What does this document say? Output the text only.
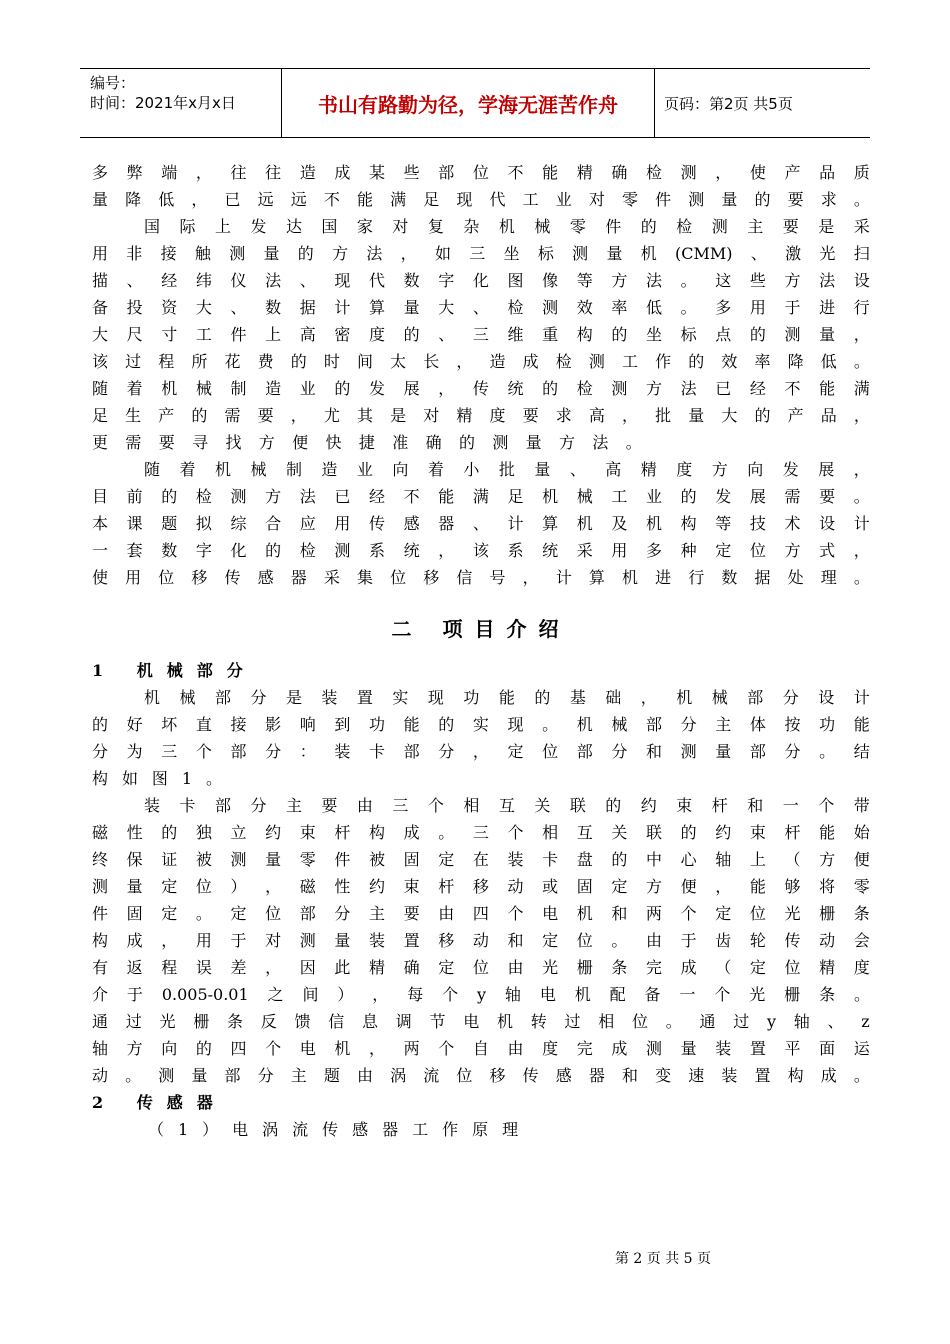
编号：
时间：2021年x月x日	书山有路勤为径，学海无涯苦作舟	页码：第2页 共5页
多 弊 端 ， 往 往 造 成 某 些 部 位 不 能 精 确 检 测 ， 使 产 品 质
量 降 低 ， 已 远 远 不 能 满 足 现 代 工 业 对 零 件 测 量 的 要 求 。
国 际 上 发 达 国 家 对 复 杂 机 械 零 件 的 检 测 主 要 是 采
用 非 接 触 测 量 的 方 法 ， 如 三 坐 标 测 量 机 (CMM) 、 激 光 扫
描 、 经 纬 仪 法 、 现 代 数 字 化 图 像 等 方 法 。 这 些 方 法 设
备 投 资 大 、 数 据 计 算 量 大 、 检 测 效 率 低 。 多 用 于 进 行
大 尺 寸 工 件 上 高 密 度 的 、 三 维 重 构 的 坐 标 点 的 测 量 ，
该 过 程 所 花 费 的 时 间 太 长 ， 造 成 检 测 工 作 的 效 率 降 低 。
随 着 机 械 制 造 业 的 发 展 ， 传 统 的 检 测 方 法 已 经 不 能 满
足 生 产 的 需 要 ， 尤 其 是 对 精 度 要 求 高 ， 批 量 大 的 产 品 ，
更 需 要 寻 找 方 便 快 捷 准 确 的 测 量 方 法 。
随 着 机 械 制 造 业 向 着 小 批 量 、 高 精 度 方 向 发 展 ，
目 前 的 检 测 方 法 已 经 不 能 满 足 机 械 工 业 的 发 展 需 要 。
本 课 题 拟 综 合 应 用 传 感 器 、 计 算 机 及 机 构 等 技 术 设 计
一 套 数 字 化 的 检 测 系 统 ， 该 系 统 采 用 多 种 定 位 方 式 ，
使 用 位 移 传 感 器 采 集 位 移 信 号 ， 计 算 机 进 行 数 据 处 理 。
二 项目介绍
1 机械部分
机 械 部 分 是 装 置 实 现 功 能 的 基 础 ， 机 械 部 分 设 计
的 好 坏 直 接 影 响 到 功 能 的 实 现 。 机 械 部 分 主 体 按 功 能
分 为 三 个 部 分 ： 装 卡 部 分 ， 定 位 部 分 和 测 量 部 分 。 结
构 如 图 1 。
装 卡 部 分 主 要 由 三 个 相 互 关 联 的 约 束 杆 和 一 个 带
磁 性 的 独 立 约 束 杆 构 成 。 三 个 相 互 关 联 的 约 束 杆 能 始
终 保 证 被 测 量 零 件 被 固 定 在 装 卡 盘 的 中 心 轴 上 （ 方 便
测 量 定 位 ） ， 磁 性 约 束 杆 移 动 或 固 定 方 便 ， 能 够 将 零
件 固 定 。 定 位 部 分 主 要 由 四 个 电 机 和 两 个 定 位 光 栅 条
构 成 ， 用 于 对 测 量 装 置 移 动 和 定 位 。 由 于 齿 轮 传 动 会
有 返 程 误 差 ， 因 此 精 确 定 位 由 光 栅 条 完 成 （ 定 位 精 度
介 于 0.005-0.01 之 间 ） ， 每 个 y 轴 电 机 配 备 一 个 光 栅 条 。
通 过 光 栅 条 反 馈 信 息 调 节 电 机 转 过 相 位 。 通 过 y 轴 、 z
轴 方 向 的 四 个 电 机 ， 两 个 自 由 度 完 成 测 量 装 置 平 面 运
动 。 测 量 部 分 主 题 由 涡 流 位 移 传 感 器 和 变 速 装 置 构 成 。
2 传感器
（1）电涡流传感器工作原理
第 2 页 共 5 页
